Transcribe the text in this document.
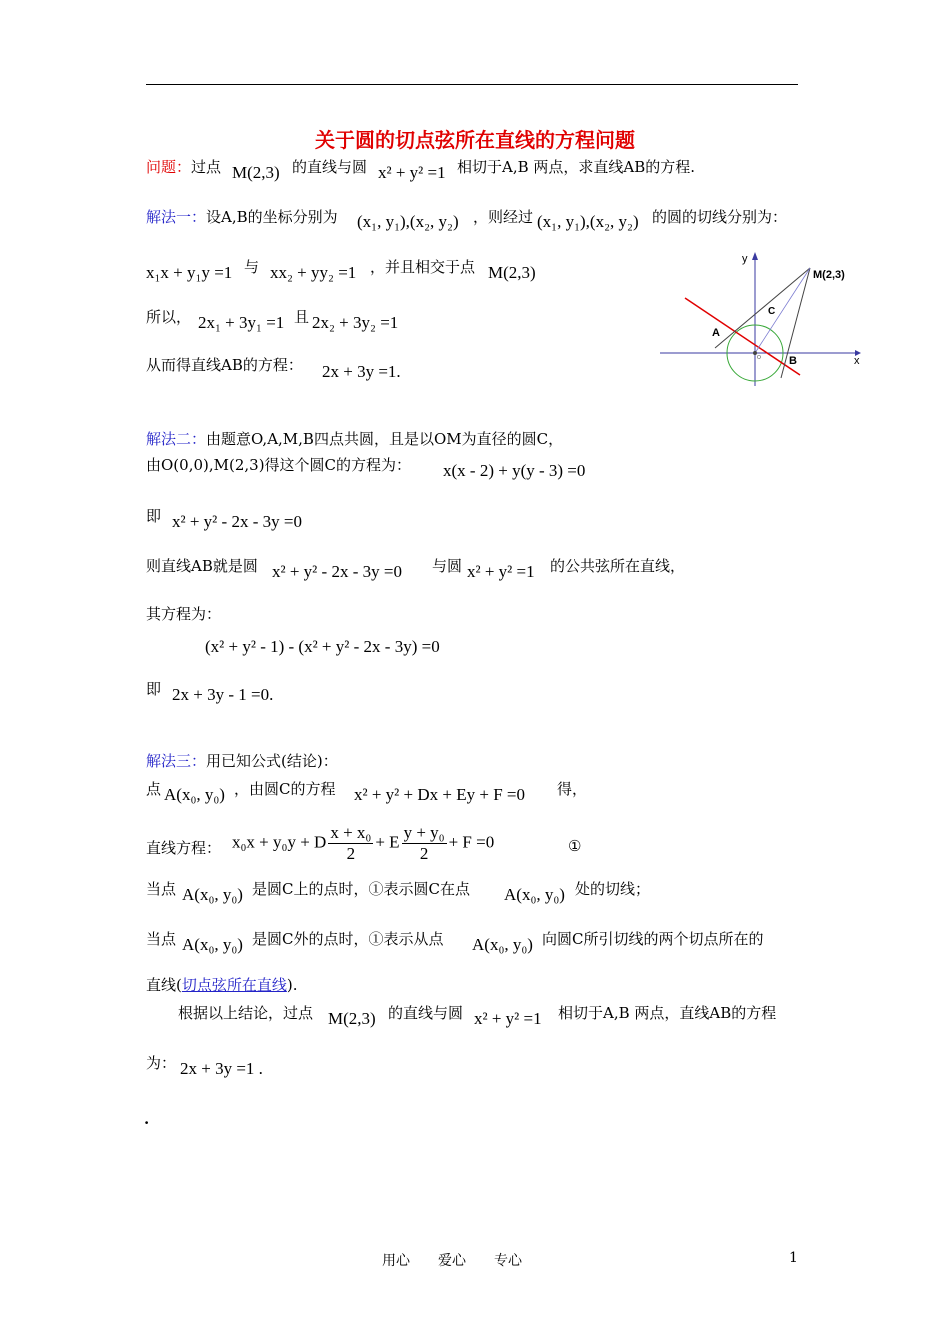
关于圆的切点弦所在直线的方程问题
问题：过点 M(2,3) 的直线与圆 x² + y² =1 相切于A,B 两点，求直线AB的方程.
解法一：设A,B的坐标分别为 (x₁, y₁),(x₂, y₂) ，则经过 (x₁, y₁),(x₂, y₂) 的圆的切线分别为：
x₁x + y₁y =1 与 xx₂ + yy₂ =1 ，并且相交于点 M(2,3)
所以， 2x₁ + 3y₁ =1 且 2x₂ + 3y₂ =1
从而得直线AB的方程： 2x + 3y =1.
y
x
M(2,3)
C
A
B
O
解法二：由题意O,A,M,B四点共圆，且是以OM为直径的圆C，
由O(0,0),M(2,3)得这个圆C的方程为： x(x - 2) + y(y - 3) =0
即 x² + y² - 2x - 3y =0
则直线AB就是圆 x² + y² - 2x - 3y =0 与圆 x² + y² =1 的公共弦所在直线，
其方程为：
(x² + y² - 1) - (x² + y² - 2x - 3y) =0
即 2x + 3y - 1 =0.
解法三：用已知公式(结论)：
点 A(x₀, y₀) ，由圆C的方程 x² + y² + Dx + Ey + F =0 得，
直线方程： x₀x + y₀y + D $\frac{\text{x + x₀}}{2} + E \frac{\text{y + y₀}}{2} + F =0$	①
当点 A(x₀, y₀) 是圆C上的点时，①表示圆C在点 A(x₀, y₀) 处的切线；
当点 A(x₀, y₀) 是圆C外的点时，①表示从点 A(x₀, y₀) 向圆C所引切线的两个切点所在的
直线(切点弦所在直线).
根据以上结论，过点 M(2,3) 的直线与圆 x² + y² =1 相切于A,B 两点，直线AB的方程
为： 2x + 3y =1 .
.
用心　　爱心　　专心	1
